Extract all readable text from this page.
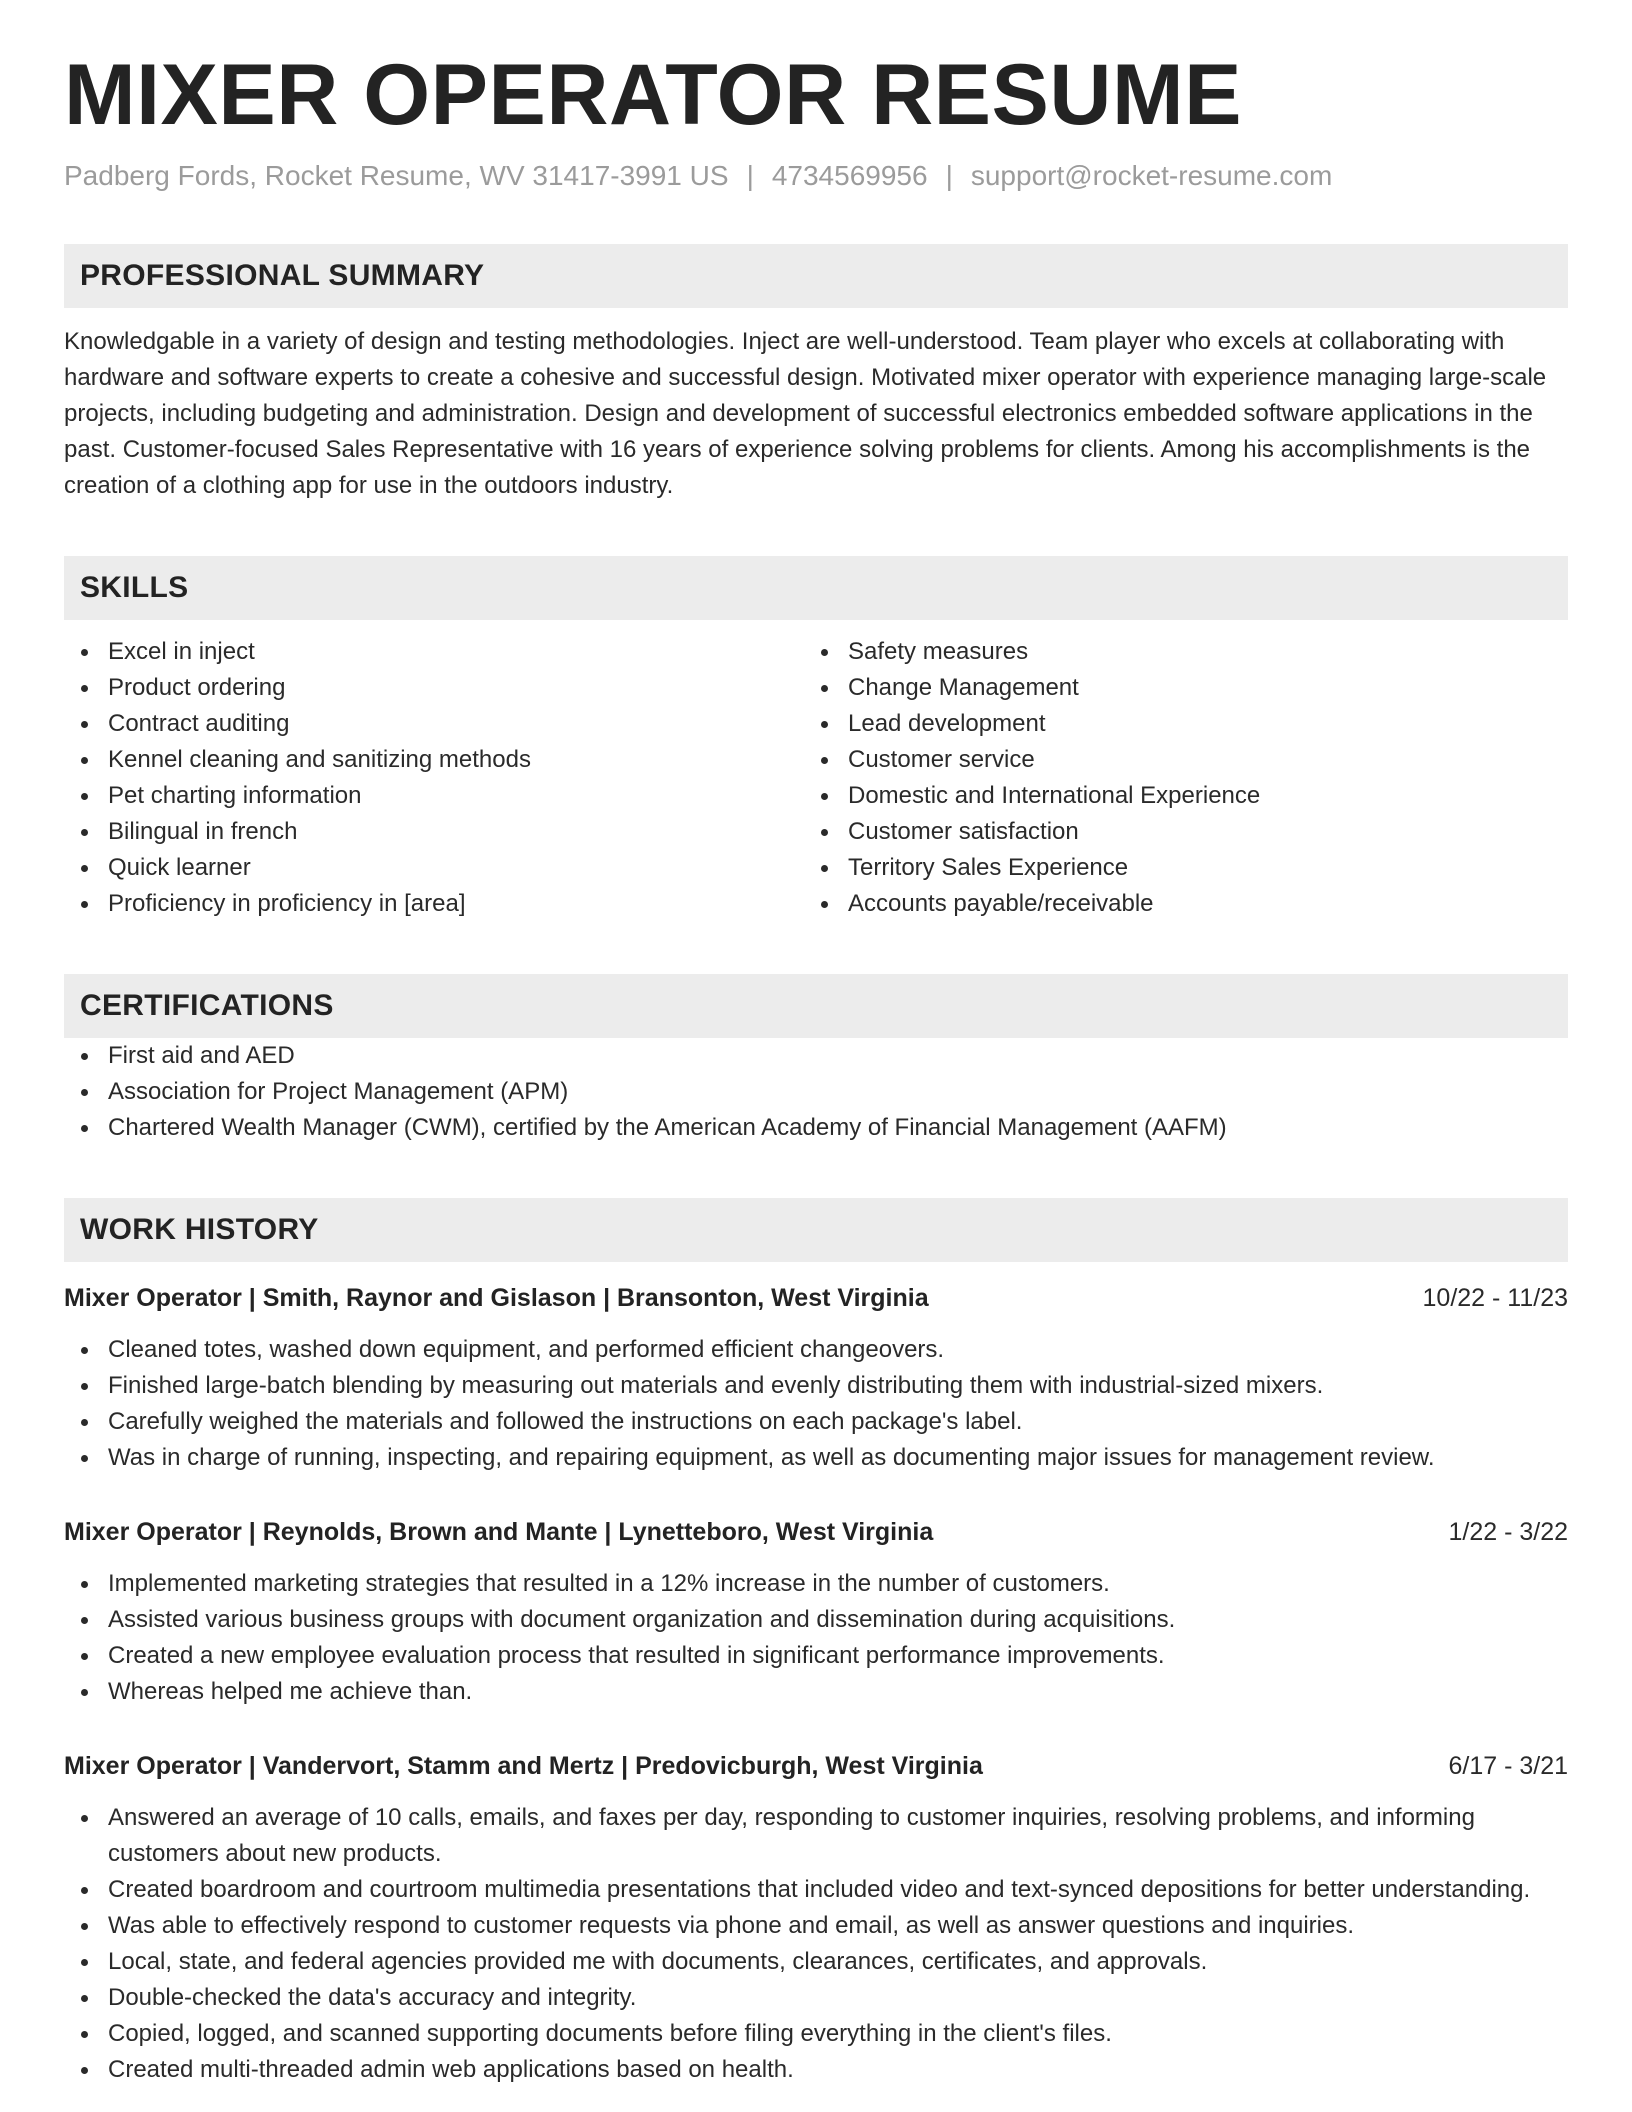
MIXER OPERATOR RESUME
Padberg Fords, Rocket Resume, WV 31417-3991 US | 4734569956 | support@rocket-resume.com
PROFESSIONAL SUMMARY
Knowledgable in a variety of design and testing methodologies. Inject are well-understood. Team player who excels at collaborating with hardware and software experts to create a cohesive and successful design. Motivated mixer operator with experience managing large-scale projects, including budgeting and administration. Design and development of successful electronics embedded software applications in the past. Customer-focused Sales Representative with 16 years of experience solving problems for clients. Among his accomplishments is the creation of a clothing app for use in the outdoors industry.
SKILLS
Excel in inject
Product ordering
Contract auditing
Kennel cleaning and sanitizing methods
Pet charting information
Bilingual in french
Quick learner
Proficiency in proficiency in [area]
Safety measures
Change Management
Lead development
Customer service
Domestic and International Experience
Customer satisfaction
Territory Sales Experience
Accounts payable/receivable
CERTIFICATIONS
First aid and AED
Association for Project Management (APM)
Chartered Wealth Manager (CWM), certified by the American Academy of Financial Management (AAFM)
WORK HISTORY
Mixer Operator | Smith, Raynor and Gislason | Bransonton, West Virginia	10/22 - 11/23
Cleaned totes, washed down equipment, and performed efficient changeovers.
Finished large-batch blending by measuring out materials and evenly distributing them with industrial-sized mixers.
Carefully weighed the materials and followed the instructions on each package's label.
Was in charge of running, inspecting, and repairing equipment, as well as documenting major issues for management review.
Mixer Operator | Reynolds, Brown and Mante | Lynetteboro, West Virginia	1/22 - 3/22
Implemented marketing strategies that resulted in a 12% increase in the number of customers.
Assisted various business groups with document organization and dissemination during acquisitions.
Created a new employee evaluation process that resulted in significant performance improvements.
Whereas helped me achieve than.
Mixer Operator | Vandervort, Stamm and Mertz | Predovicburgh, West Virginia	6/17 - 3/21
Answered an average of 10 calls, emails, and faxes per day, responding to customer inquiries, resolving problems, and informing customers about new products.
Created boardroom and courtroom multimedia presentations that included video and text-synced depositions for better understanding.
Was able to effectively respond to customer requests via phone and email, as well as answer questions and inquiries.
Local, state, and federal agencies provided me with documents, clearances, certificates, and approvals.
Double-checked the data's accuracy and integrity.
Copied, logged, and scanned supporting documents before filing everything in the client's files.
Created multi-threaded admin web applications based on health.
